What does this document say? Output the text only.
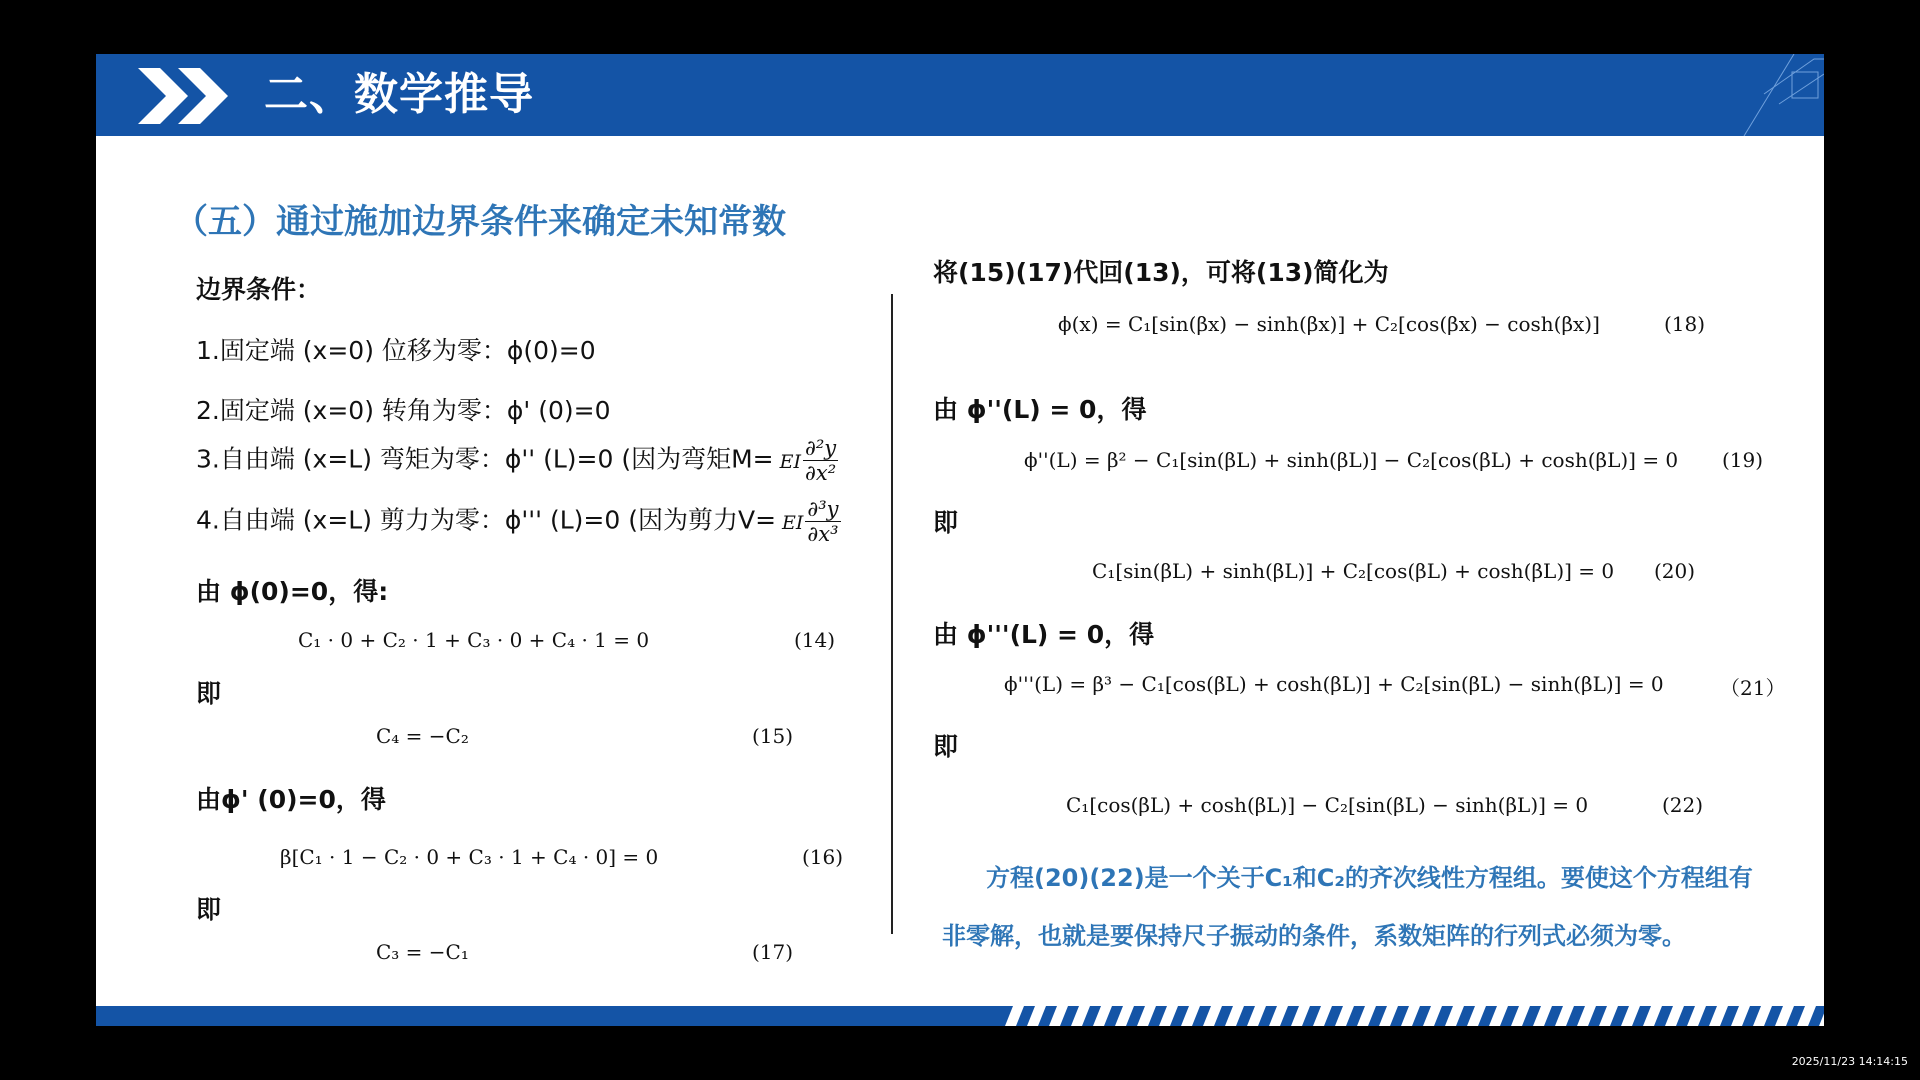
二、数学推导
（五）通过施加边界条件来确定未知常数
边界条件：
1.固定端 (x=0) 位移为零：ϕ(0)=0
2.固定端 (x=0) 转角为零：ϕ' (0)=0
3.自由端 (x=L) 弯矩为零：ϕ'' (L)=0 (因为弯矩M= EI $\frac{\text{∂²y}}{\text{∂x²}}$
4.自由端 (x=L) 剪力为零：ϕ''' (L)=0 (因为剪力V= EI $\frac{\text{∂³y}}{\text{∂x³}}$
由 ϕ(0)=0，得:
C₁ · 0 + C₂ · 1 + C₃ · 0 + C₄ · 1 = 0	(14)
即
C₄ = −C₂	(15)
由ϕ' (0)=0，得
β[C₁ · 1 − C₂ · 0 + C₃ · 1 + C₄ · 0] = 0	(16)
即
C₃ = −C₁	(17)
将(15)(17)代回(13)，可将(13)简化为
ϕ(x) = C₁[sin(βx) − sinh(βx)] + C₂[cos(βx) − cosh(βx)]	(18)
由 ϕ''(L) = 0，得
ϕ''(L) = β² − C₁[sin(βL) + sinh(βL)] − C₂[cos(βL) + cosh(βL)] = 0 (19)
即
C₁[sin(βL) + sinh(βL)] + C₂[cos(βL) + cosh(βL)] = 0 (20)
由 ϕ'''(L) = 0，得
ϕ'''(L) = β³ − C₁[cos(βL) + cosh(βL)] + C₂[sin(βL) − sinh(βL)] = 0	（21）
即
C₁[cos(βL) + cosh(βL)] − C₂[sin(βL) − sinh(βL)] = 0	(22)
方程(20)(22)是一个关于C₁和C₂的齐次线性方程组。要使这个方程组有
非零解，也就是要保持尺子振动的条件，系数矩阵的行列式必须为零。
2025/11/23 14:14:15
